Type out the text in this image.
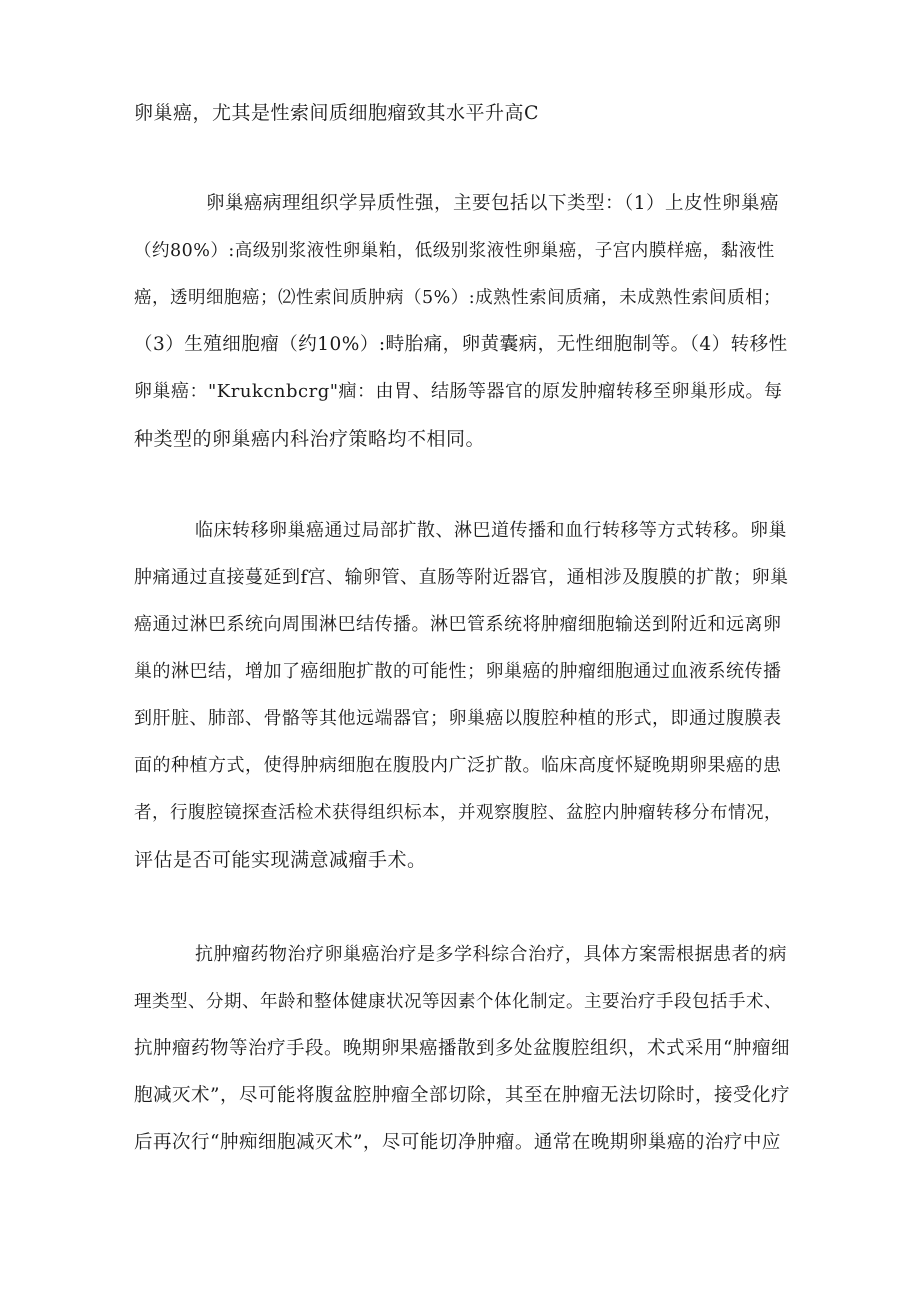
卵巢癌，尤其是性索间质细胞瘤致其水平升高C
卵巢癌病理组织学异质性强，主要包括以下类型：（1）上皮性卵巢癌
（约80%）:高级别浆液性卵巢粕，低级别浆液性卵巢癌，子宫内膜样癌，黏液性
癌，透明细胞癌；⑵性索间质肿病（5%）:成熟性索间质痛，未成熟性索间质相；
（3）生殖细胞瘤（约10%）:畤胎痛，卵黄囊病，无性细胞制等。（4）转移性
卵巢癌："Krukcnbcrg"痼：由胃、结肠等器官的原发肿瘤转移至卵巢形成。每
种类型的卵巢癌内科治疗策略均不相同。
临床转移卵巢癌通过局部扩散、淋巴道传播和血行转移等方式转移。卵巢
肿痛通过直接蔓延到f宫、输卵管、直肠等附近器官，通相涉及腹膜的扩散；卵巢
癌通过淋巴系统向周围淋巴结传播。淋巴管系统将肿瘤细胞输送到附近和远离卵
巢的淋巴结，增加了癌细胞扩散的可能性；卵巢癌的肿瘤细胞通过血液系统传播
到肝脏、肺部、骨骼等其他远端器官；卵巢癌以腹腔种植的形式，即通过腹膜表
面的种植方式，使得肿病细胞在腹股内广泛扩散。临床高度怀疑晚期卵果癌的患
者，行腹腔镜探查活检术获得组织标本，并观察腹腔、盆腔内肿瘤转移分布情况，
评估是否可能实现满意减瘤手术。
抗肿瘤药物治疗卵巢癌治疗是多学科综合治疗，具体方案需根据患者的病
理类型、分期、年龄和整体健康状况等因素个体化制定。主要治疗手段包括手术、
抗肿瘤药物等治疗手段。晚期卵果癌播散到多处盆腹腔组织，术式采用“肿瘤细
胞减灭术”，尽可能将腹盆腔肿瘤全部切除，其至在肿瘤无法切除时，接受化疗
后再次行“肿痴细胞减灭术”，尽可能切净肿瘤。通常在晚期卵巢癌的治疗中应
